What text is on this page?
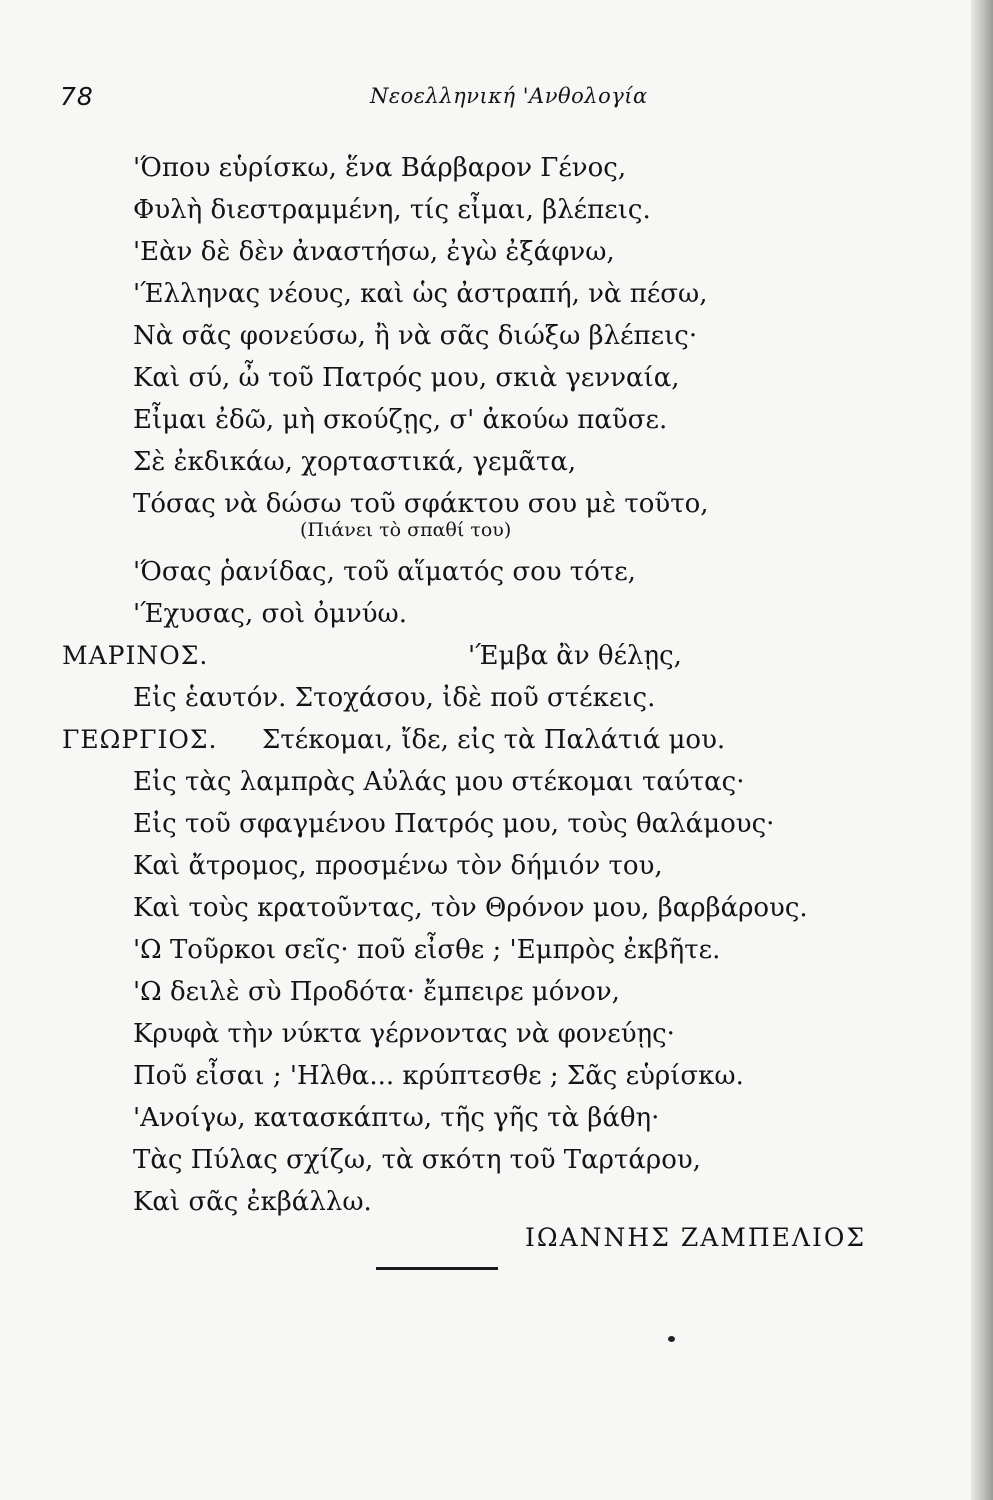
78	Νεοελληνική 'Ανθολογία
'Όπου εὑρίσκω, ἕνα Βάρβαρον Γένος,
Φυλὴ διεστραμμένη, τίς εἶμαι, βλέπεις.
'Εὰν δὲ δὲν ἀναστήσω, ἐγὼ ἐξάφνω,
'Έλληνας νέους, καὶ ὡς ἀστραπή, νὰ πέσω,
Νὰ σᾶς φονεύσω, ἢ νὰ σᾶς διώξω βλέπεις·
Καὶ σύ, ὦ τοῦ Πατρός μου, σκιὰ γενναία,
Εἶμαι ἐδῶ, μὴ σκούζῃς, σ' ἀκούω παῦσε.
Σὲ ἐκδικάω, χορταστικά, γεμᾶτα,
Τόσας νὰ δώσω τοῦ σφάκτου σου μὲ τοῦτο,
(Πιάνει τὸ σπαθί του)
'Όσας ῥανίδας, τοῦ αἵματός σου τότε,
'Έχυσας, σοὶ ὀμνύω.
ΜΑΡΙΝΟΣ.	'Έμβα ἂν θέλῃς,
Εἰς ἑαυτόν. Στοχάσου, ἰδὲ ποῦ στέκεις.
ΓΕΩΡΓΙΟΣ. Στέκομαι, ἴδε, εἰς τὰ Παλάτιά μου.
Εἰς τὰς λαμπρὰς Αὐλάς μου στέκομαι ταύτας·
Εἰς τοῦ σφαγμένου Πατρός μου, τοὺς θαλάμους·
Καὶ ἄτρομος, προσμένω τὸν δήμιόν του,
Καὶ τοὺς κρατοῦντας, τὸν Θρόνον μου, βαρβάρους.
'Ω Τοῦρκοι σεῖς· ποῦ εἶσθε ; 'Εμπρὸς ἐκβῆτε.
'Ω δειλὲ σὺ Προδότα· ἔμπειρε μόνον,
Κρυφὰ τὴν νύκτα γέρνοντας νὰ φονεύῃς·
Ποῦ εἶσαι ; 'Ηλθα... κρύπτεσθε ; Σᾶς εὑρίσκω.
'Ανοίγω, κατασκάπτω, τῆς γῆς τὰ βάθη·
Τὰς Πύλας σχίζω, τὰ σκότη τοῦ Ταρτάρου,
Καὶ σᾶς ἐκβάλλω.
ΙΩΑΝΝΗΣ ΖΑΜΠΕΛΙΟΣ
